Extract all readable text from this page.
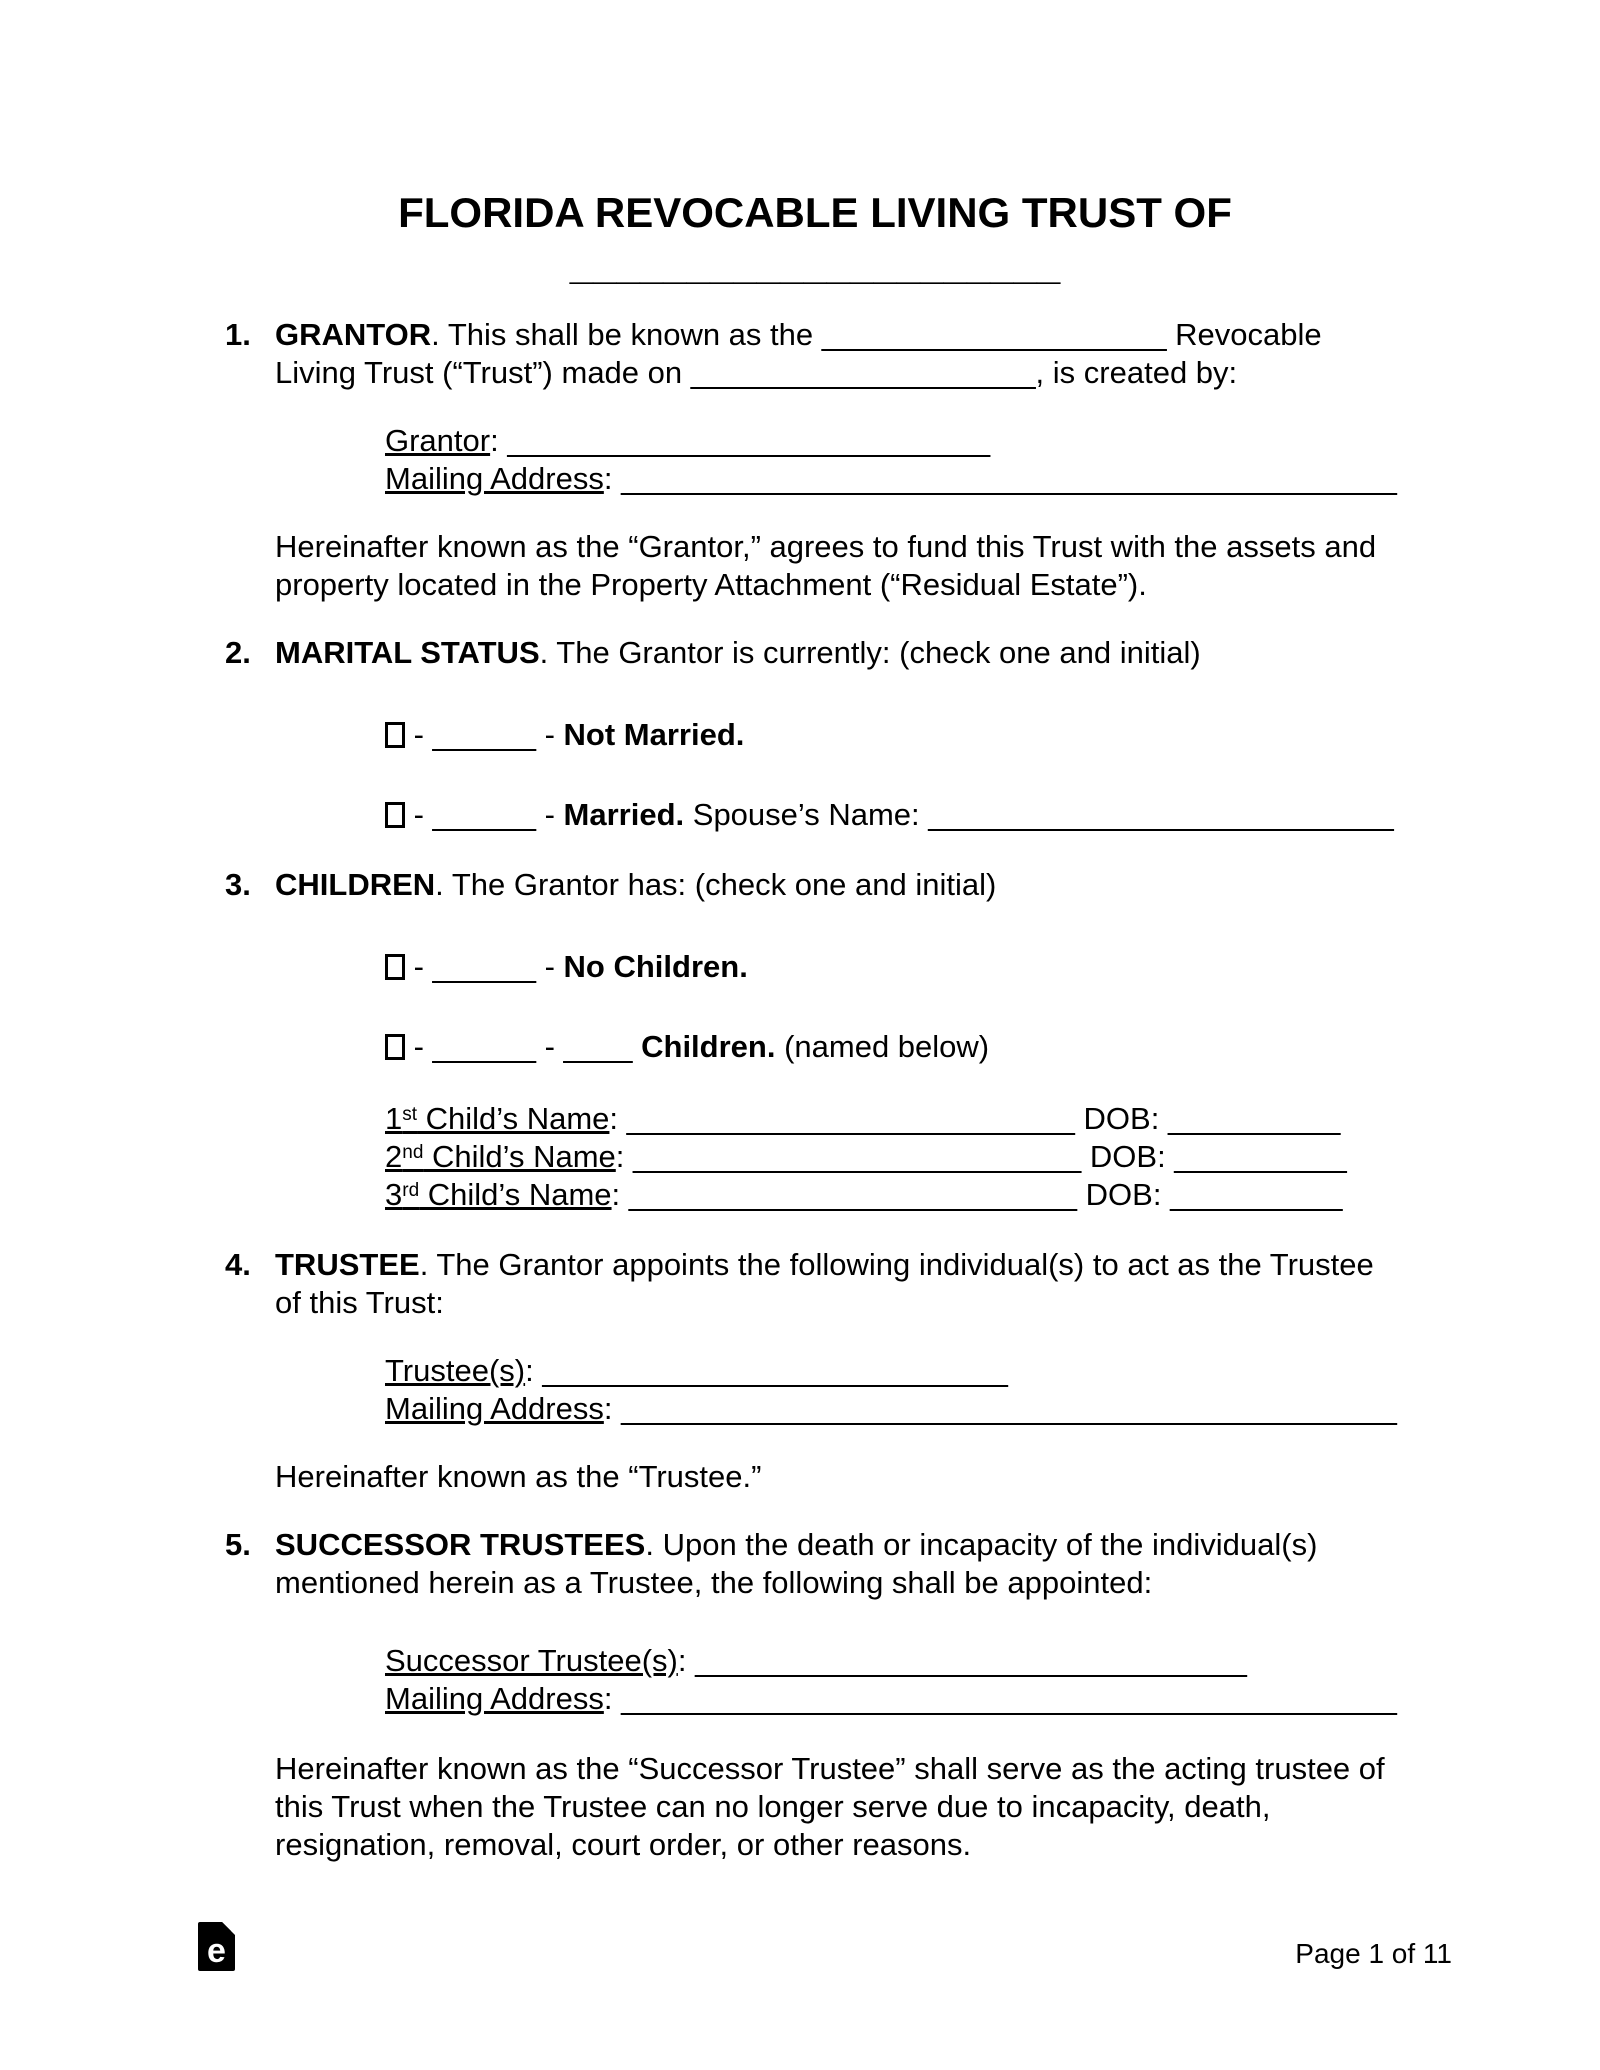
FLORIDA REVOCABLE LIVING TRUST OF

_____________________

1. GRANTOR. This shall be known as the ____________________ Revocable
Living Trust (“Trust”) made on ____________________, is created by:

Grantor: ____________________________

Mailing Address: _____________________________________________

Hereinafter known as the “Grantor,” agrees to fund this Trust with the assets and
property located in the Property Attachment (“Residual Estate”).

2. MARITAL STATUS. The Grantor is currently: (check one and initial)

- ______ - Not Married.

- ______ - Married. Spouse’s Name: ___________________________

3. CHILDREN. The Grantor has: (check one and initial)

- ______ - No Children.

- ______ - ____ Children. (named below)

1st Child’s Name: __________________________ DOB: __________

2nd Child’s Name: __________________________ DOB: __________

3rd Child’s Name: __________________________ DOB: __________

4. TRUSTEE. The Grantor appoints the following individual(s) to act as the Trustee
of this Trust:

Trustee(s): ___________________________

Mailing Address: _____________________________________________

Hereinafter known as the “Trustee.”

5. SUCCESSOR TRUSTEES. Upon the death or incapacity of the individual(s)
mentioned herein as a Trustee, the following shall be appointed:

Successor Trustee(s): ________________________________

Mailing Address: _____________________________________________

Hereinafter known as the “Successor Trustee” shall serve as the acting trustee of
this Trust when the Trustee can no longer serve due to incapacity, death,
resignation, removal, court order, or other reasons.

e	Page 1 of 11
